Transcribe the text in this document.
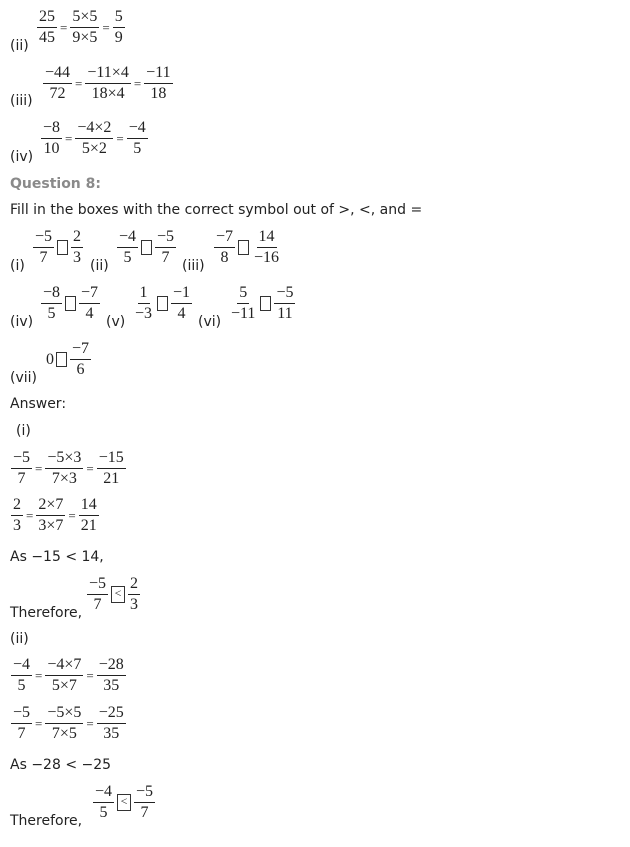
$(ii) \frac{25}{45} = \frac{5\times 5}{9\times 5} = \frac{5}{9}$
$(iii) \frac{-44}{72} = \frac{-11\times 4}{18\times 4} = \frac{-11}{18}$
$(iv) \frac{-8}{10} = \frac{-4\times 2}{5\times 2} = \frac{-4}{5}$
Question 8:
Fill in the boxes with the correct symbol out of >, <, and =
$(i) \frac{-5}{7} \frac{2}{3} (ii) \frac{-4}{5} \frac{-5}{7} (iii) \frac{-7}{8} \frac{14}{-16}$
$(iv) \frac{-8}{5} \frac{-7}{4} (v) \frac{1}{-3} \frac{-1}{4} (vi) \frac{5}{-11} \frac{-5}{11}$
(vii)
$0 \frac{-7}{6}$
Answer:
(i)
$\frac{-5}{7} = \frac{-5\times 3}{7\times 3} = \frac{-15}{21}$
$\frac{2}{3} = \frac{2\times 7}{3\times 7} = \frac{14}{21}$
As −15 < 14,
Therefore, $\frac{-5}{7} < \frac{2}{3}$
(ii)
$\frac{-4}{5} = \frac{-4\times 7}{5\times 7} = \frac{-28}{35}$
$\frac{-5}{7} = \frac{-5\times 5}{7\times 5} = \frac{-25}{35}$
As −28 < −25
Therefore, $\frac{-4}{5} < \frac{-5}{7}$
